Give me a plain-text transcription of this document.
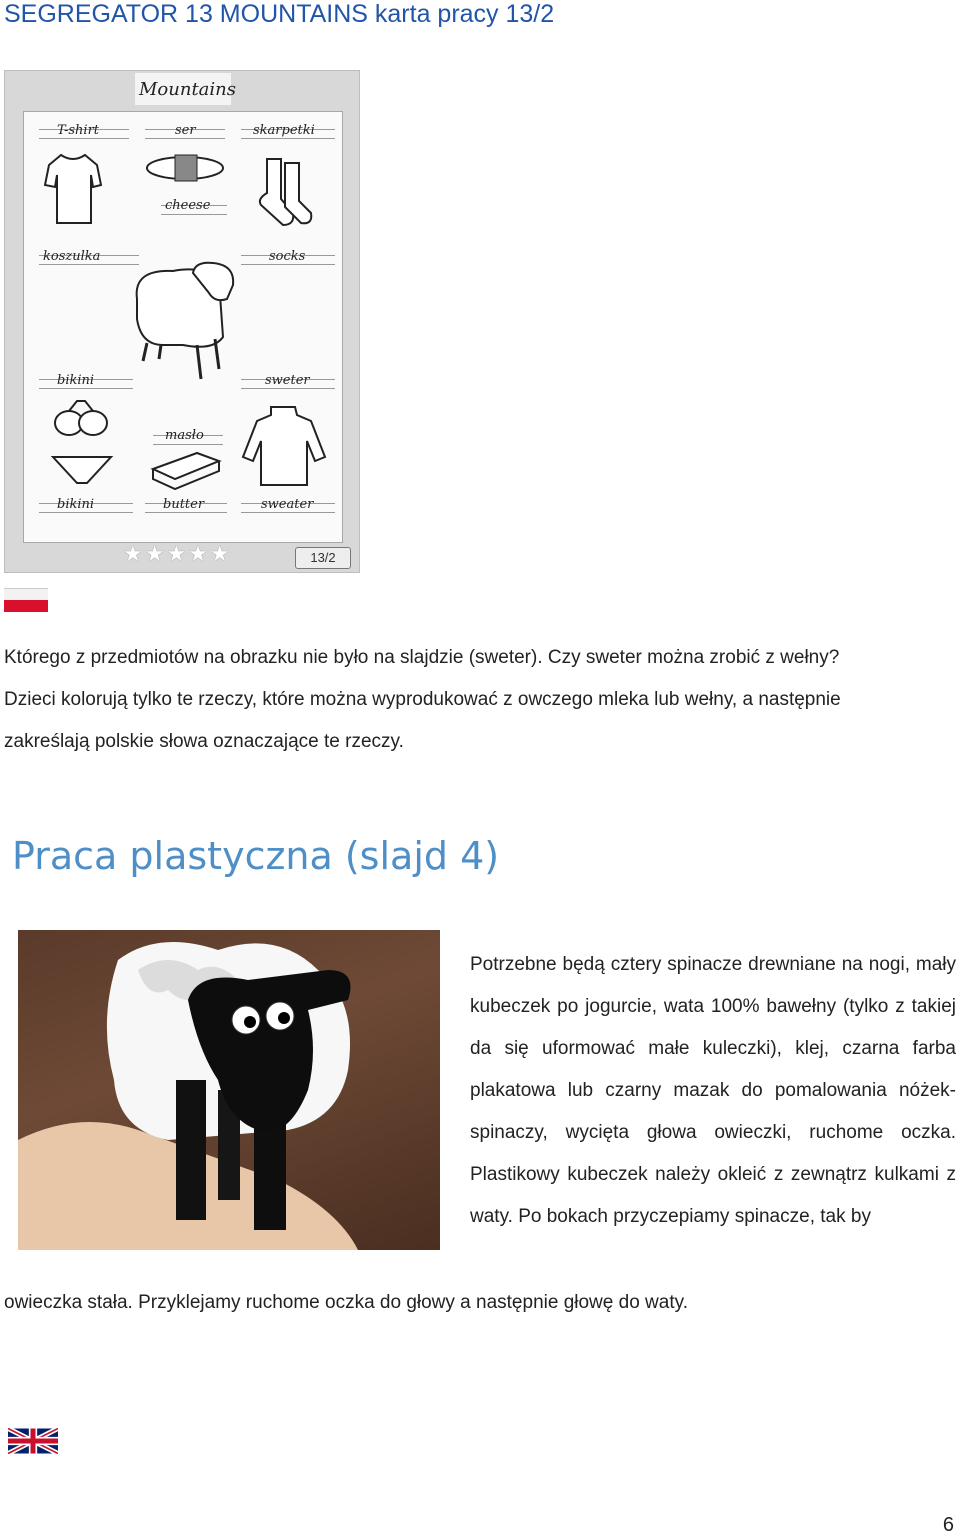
SEGREGATOR 13 MOUNTAINS karta pracy 13/2
Mountains
T-shirt	ser	skarpetki
cheese
koszulka	socks
bikini	sweter
masło
bikini	butter	sweater
★★★★★	13/2
Którego z przedmiotów na obrazku nie było na slajdzie (sweter). Czy sweter można zrobić z wełny?
Dzieci kolorują tylko te rzeczy, które można wyprodukować z owczego mleka lub wełny, a następnie
zakreślają polskie słowa oznaczające te rzeczy.
Praca plastyczna (slajd 4)
Potrzebne będą cztery spinacze drewniane na nogi, mały kubeczek po jogurcie, wata 100% bawełny (tylko z takiej da się uformować małe kuleczki), klej, czarna farba plakatowa lub czarny mazak do pomalowania nóżek- spinaczy, wycięta głowa owieczki, ruchome oczka. Plastikowy kubeczek należy okleić z zewnątrz kulkami z waty. Po bokach przyczepiamy spinacze, tak by
owieczka stała. Przyklejamy ruchome oczka do głowy a następnie głowę do waty.
6
